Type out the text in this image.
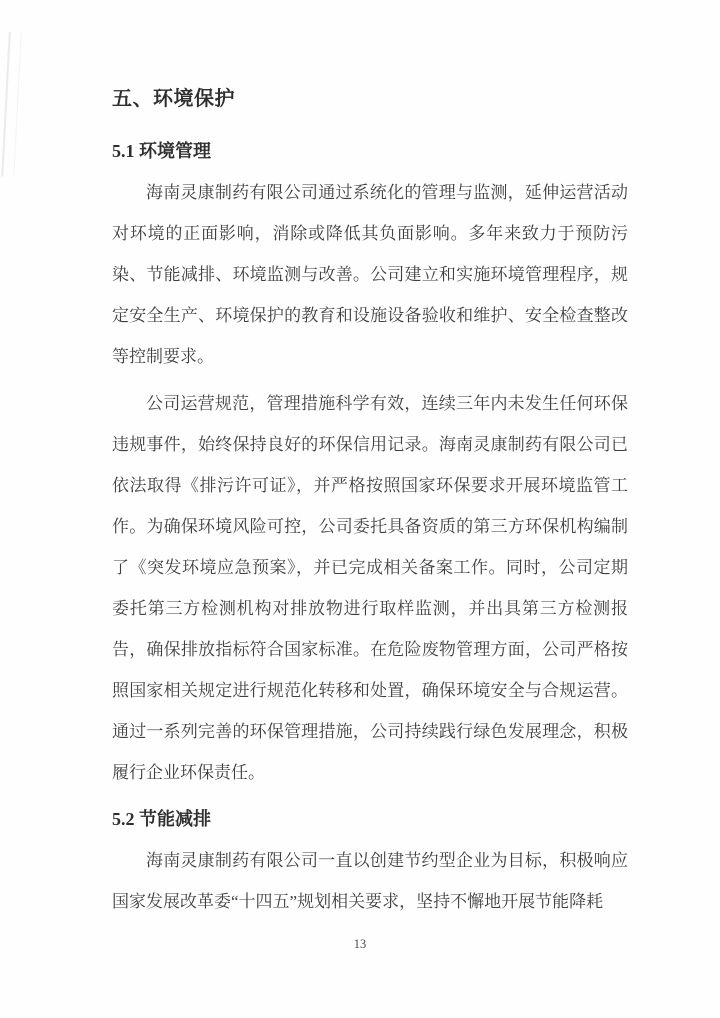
五、环境保护
5.1 环境管理

海南灵康制药有限公司通过系统化的管理与监测，延伸运营活动对环境的正面影响，消除或降低其负面影响。多年来致力于预防污染、节能减排、环境监测与改善。公司建立和实施环境管理程序，规定安全生产、环境保护的教育和设施设备验收和维护、安全检查整改等控制要求。

公司运营规范，管理措施科学有效，连续三年内未发生任何环保违规事件，始终保持良好的环保信用记录。海南灵康制药有限公司已依法取得《排污许可证》，并严格按照国家环保要求开展环境监管工作。为确保环境风险可控，公司委托具备资质的第三方环保机构编制了《突发环境应急预案》，并已完成相关备案工作。同时，公司定期委托第三方检测机构对排放物进行取样监测，并出具第三方检测报告，确保排放指标符合国家标准。在危险废物管理方面，公司严格按照国家相关规定进行规范化转移和处置，确保环境安全与合规运营。通过一系列完善的环保管理措施，公司持续践行绿色发展理念，积极履行企业环保责任。

5.2 节能减排

海南灵康制药有限公司一直以创建节约型企业为目标，积极响应国家发展改革委“十四五”规划相关要求，坚持不懈地开展节能降耗

13
